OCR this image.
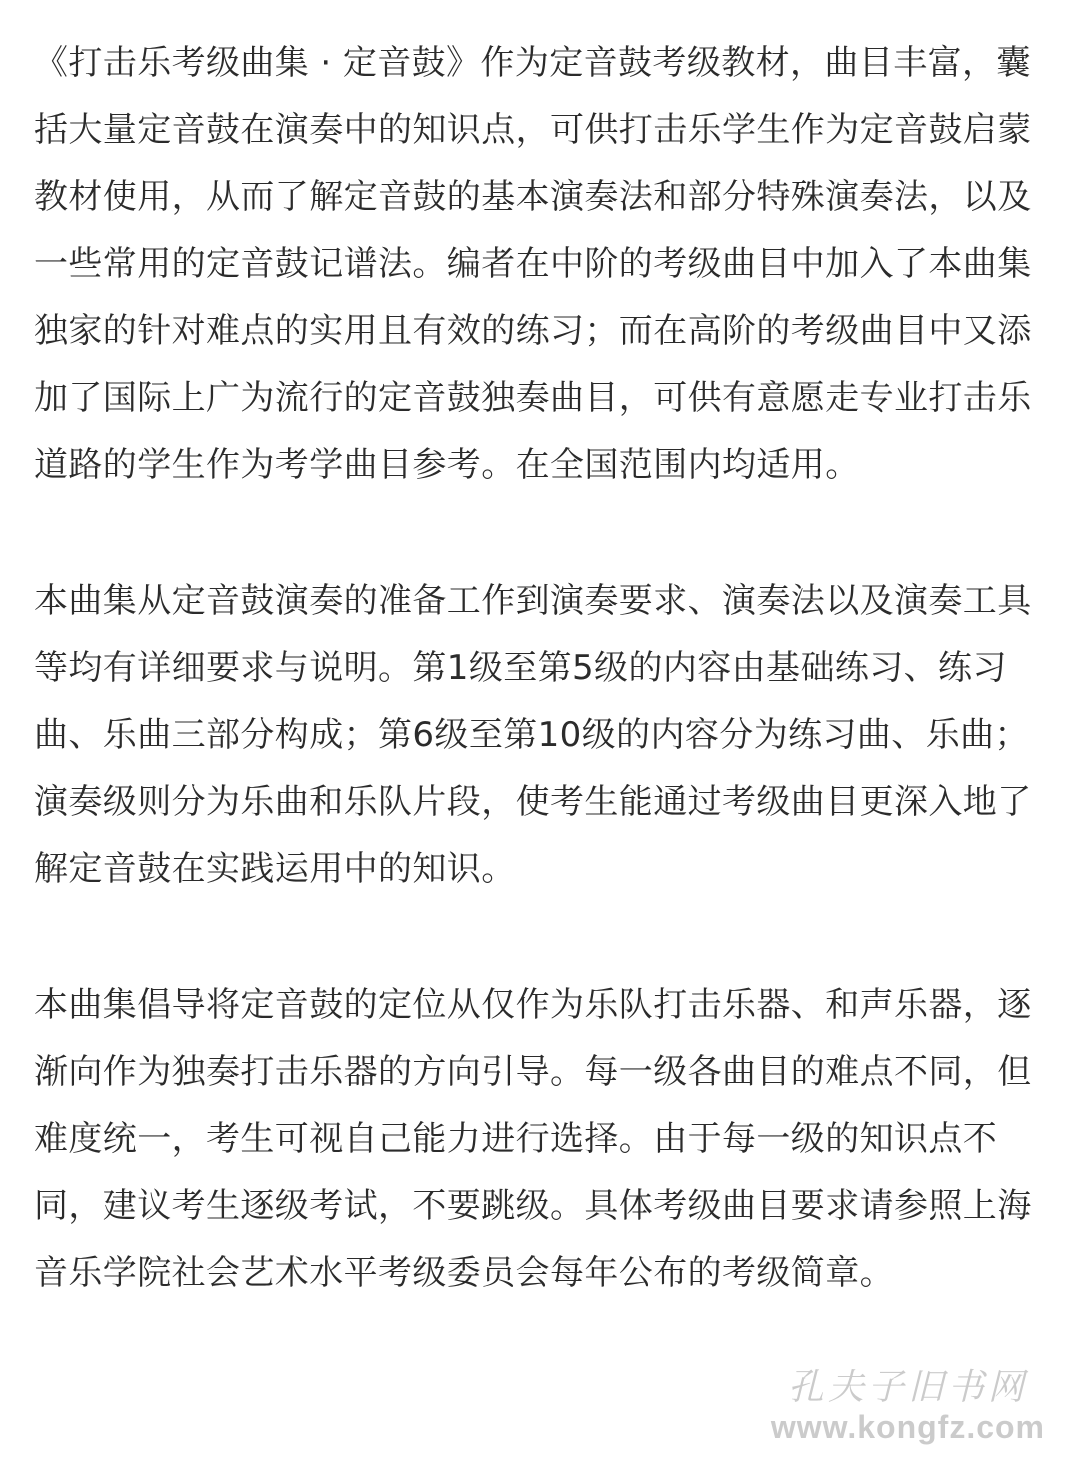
《打击乐考级曲集 · 定音鼓》作为定音鼓考级教材，曲目丰富，囊括大量定音鼓在演奏中的知识点，可供打击乐学生作为定音鼓启蒙教材使用，从而了解定音鼓的基本演奏法和部分特殊演奏法，以及一些常用的定音鼓记谱法。编者在中阶的考级曲目中加入了本曲集独家的针对难点的实用且有效的练习；而在高阶的考级曲目中又添加了国际上广为流行的定音鼓独奏曲目，可供有意愿走专业打击乐道路的学生作为考学曲目参考。在全国范围内均适用。

本曲集从定音鼓演奏的准备工作到演奏要求、演奏法以及演奏工具等均有详细要求与说明。第1级至第5级的内容由基础练习、练习曲、乐曲三部分构成；第6级至第10级的内容分为练习曲、乐曲；演奏级则分为乐曲和乐队片段，使考生能通过考级曲目更深入地了解定音鼓在实践运用中的知识。

本曲集倡导将定音鼓的定位从仅作为乐队打击乐器、和声乐器，逐渐向作为独奏打击乐器的方向引导。每一级各曲目的难点不同，但难度统一，考生可视自己能力进行选择。由于每一级的知识点不同，建议考生逐级考试，不要跳级。具体考级曲目要求请参照上海音乐学院社会艺术水平考级委员会每年公布的考级简章。

孔夫子旧书网
www.kongfz.com
